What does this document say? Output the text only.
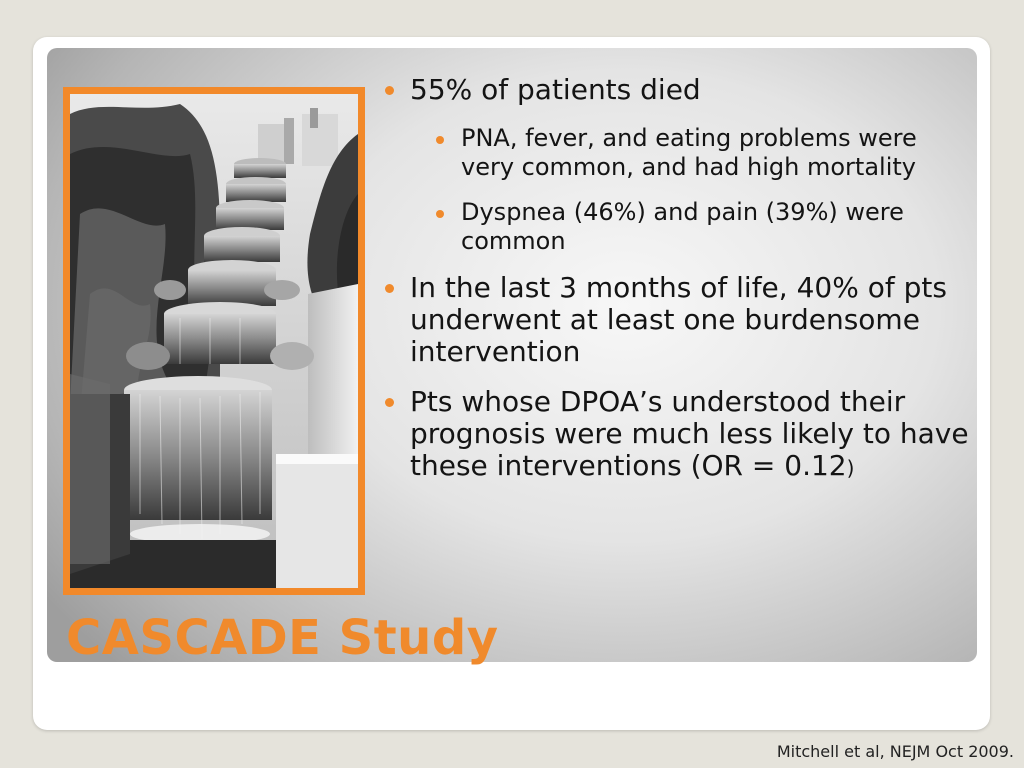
55% of patients died
PNA, fever, and eating problems were very common, and had high mortality
Dyspnea (46%) and pain (39%) were common
In the last 3 months of life, 40% of pts underwent at least one burdensome intervention
Pts whose DPOA’s understood their prognosis were much less likely to have these interventions (OR = 0.12)
CASCADE Study
Mitchell et al, NEJM Oct 2009.
